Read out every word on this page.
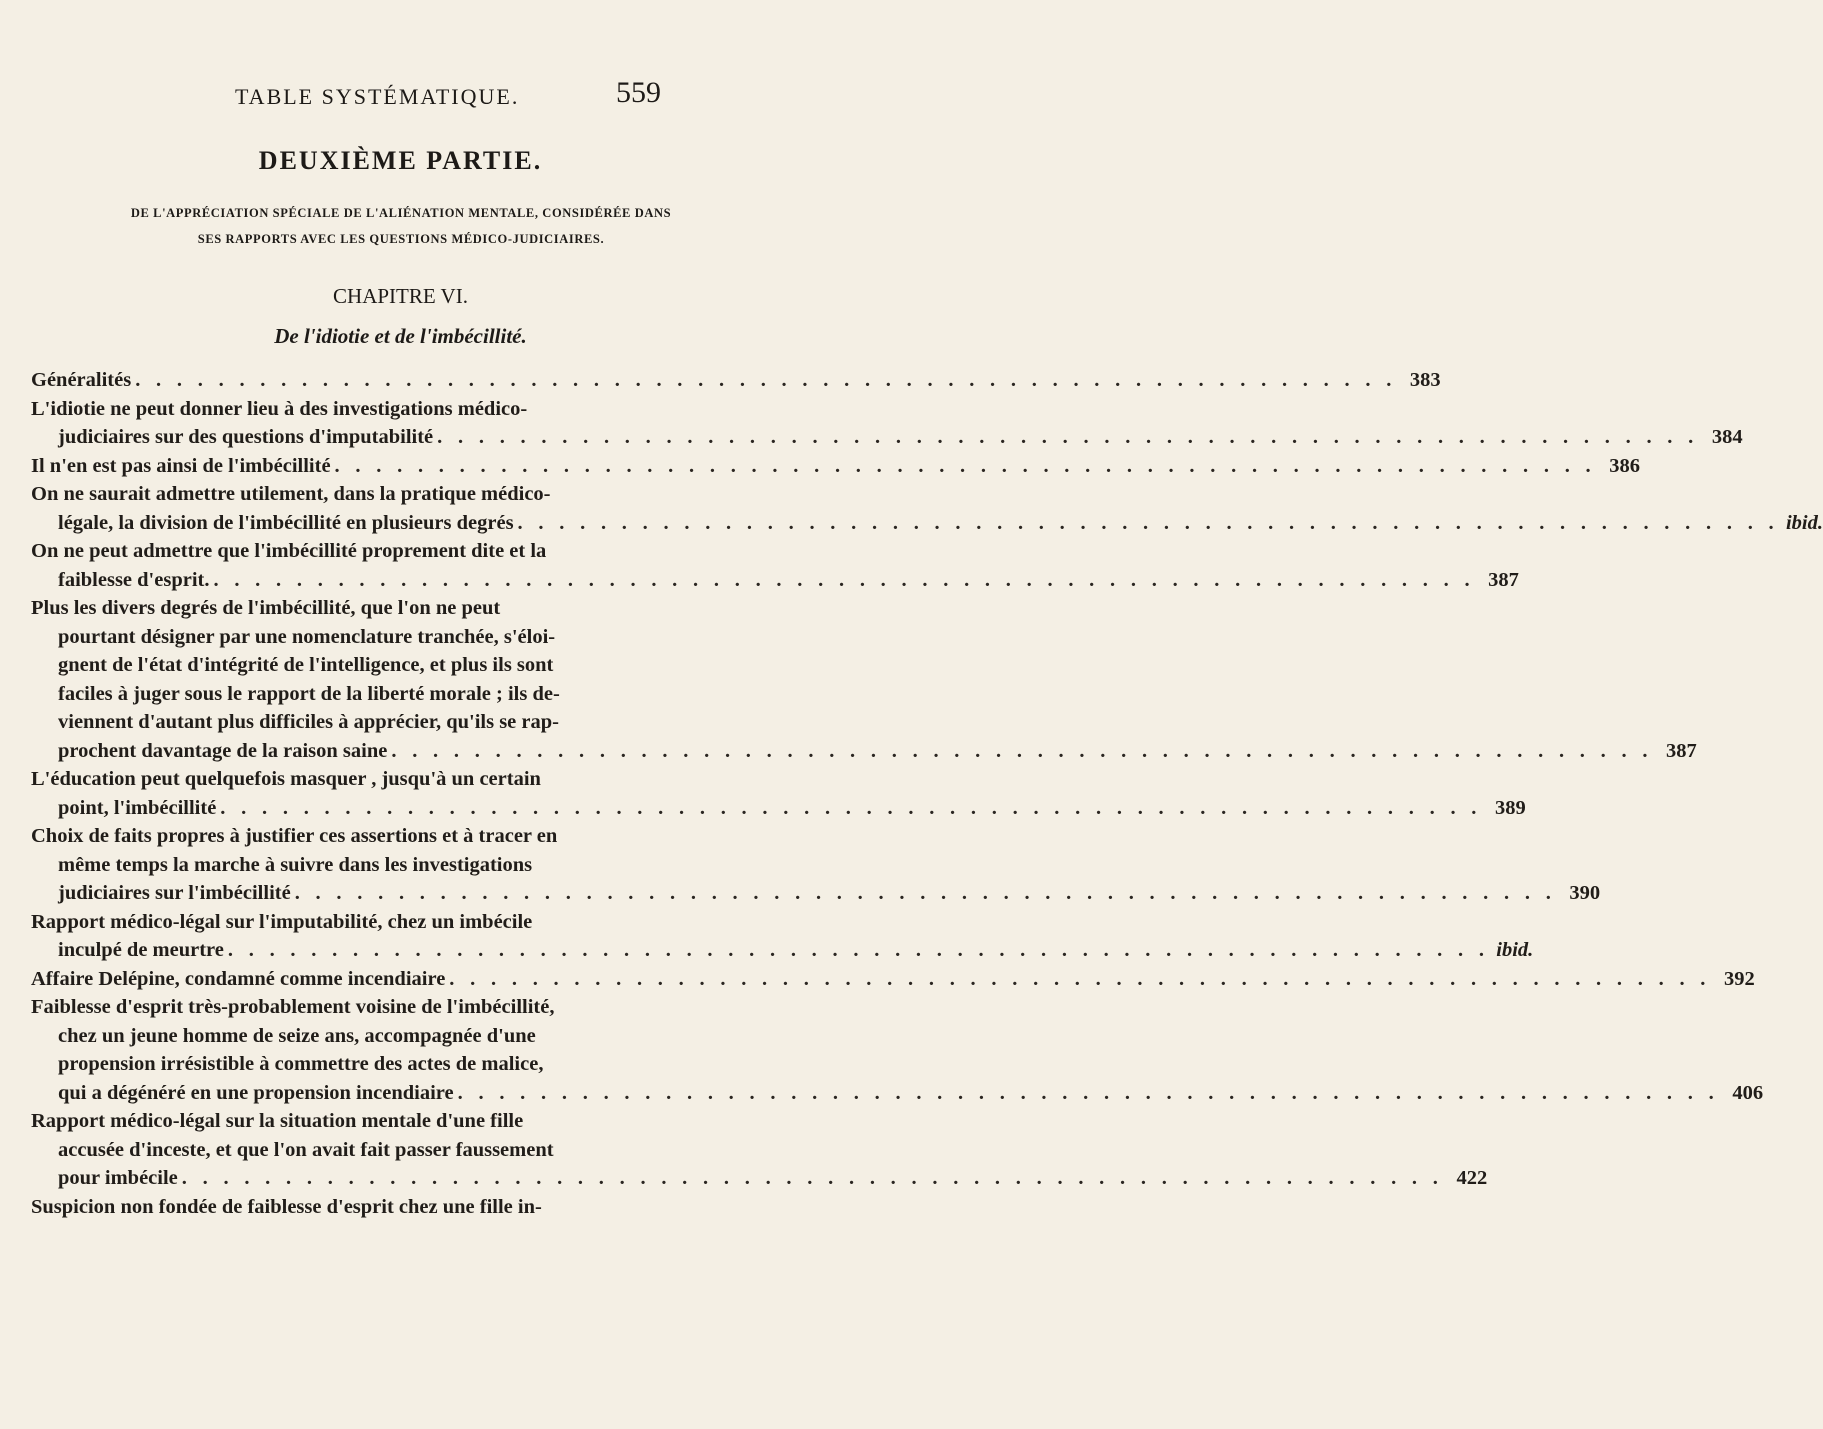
TABLE SYSTÉMATIQUE.	559
DEUXIÈME PARTIE.
DE L'APPRÉCIATION SPÉCIALE DE L'ALIÉNATION MENTALE, CONSIDÉRÉE DANS
SES RAPPORTS AVEC LES QUESTIONS MÉDICO-JUDICIAIRES.
CHAPITRE VI.
De l'idiotie et de l'imbécillité.
Généralités . . . . . . . . . . . . . . . . . . . . . . . . . . . . . . . . . . . . . . . . . . . . . . . . . . . . . . . . . . . . . 383
L'idiotie ne peut donner lieu à des investigations médico-
judiciaires sur des questions d'imputabilité . . . . . . . . . . . . . . . . . . . . . . . . . . . . . . . . . . . . . . . . . . . . . . . . . . . . . . . . . . . . . 384
Il n'en est pas ainsi de l'imbécillité . . . . . . . . . . . . . . . . . . . . . . . . . . . . . . . . . . . . . . . . . . . . . . . . . . . . . . . . . . . . . 386
On ne saurait admettre utilement, dans la pratique médico-
légale, la division de l'imbécillité en plusieurs degrés . . . . . . . . . . . . . . . . . . . . . . . . . . . . . . . . . . . . . . . . . . . . . . . . . . . . . . . . . . . . . ibid.
On ne peut admettre que l'imbécillité proprement dite et la
faiblesse d'esprit. . . . . . . . . . . . . . . . . . . . . . . . . . . . . . . . . . . . . . . . . . . . . . . . . . . . . . . . . . . . . . 387
Plus les divers degrés de l'imbécillité, que l'on ne peut
pourtant désigner par une nomenclature tranchée, s'éloi-
gnent de l'état d'intégrité de l'intelligence, et plus ils sont
faciles à juger sous le rapport de la liberté morale ; ils de-
viennent d'autant plus difficiles à apprécier, qu'ils se rap-
prochent davantage de la raison saine . . . . . . . . . . . . . . . . . . . . . . . . . . . . . . . . . . . . . . . . . . . . . . . . . . . . . . . . . . . . . 387
L'éducation peut quelquefois masquer , jusqu'à un certain
point, l'imbécillité . . . . . . . . . . . . . . . . . . . . . . . . . . . . . . . . . . . . . . . . . . . . . . . . . . . . . . . . . . . . . 389
Choix de faits propres à justifier ces assertions et à tracer en
même temps la marche à suivre dans les investigations
judiciaires sur l'imbécillité . . . . . . . . . . . . . . . . . . . . . . . . . . . . . . . . . . . . . . . . . . . . . . . . . . . . . . . . . . . . . 390
Rapport médico-légal sur l'imputabilité, chez un imbécile
inculpé de meurtre . . . . . . . . . . . . . . . . . . . . . . . . . . . . . . . . . . . . . . . . . . . . . . . . . . . . . . . . . . . . . ibid.
Affaire Delépine, condamné comme incendiaire . . . . . . . . . . . . . . . . . . . . . . . . . . . . . . . . . . . . . . . . . . . . . . . . . . . . . . . . . . . . . 392
Faiblesse d'esprit très-probablement voisine de l'imbécillité,
chez un jeune homme de seize ans, accompagnée d'une
propension irrésistible à commettre des actes de malice,
qui a dégénéré en une propension incendiaire . . . . . . . . . . . . . . . . . . . . . . . . . . . . . . . . . . . . . . . . . . . . . . . . . . . . . . . . . . . . . 406
Rapport médico-légal sur la situation mentale d'une fille
accusée d'inceste, et que l'on avait fait passer faussement
pour imbécile . . . . . . . . . . . . . . . . . . . . . . . . . . . . . . . . . . . . . . . . . . . . . . . . . . . . . . . . . . . . . 422
Suspicion non fondée de faiblesse d'esprit chez une fille in-
